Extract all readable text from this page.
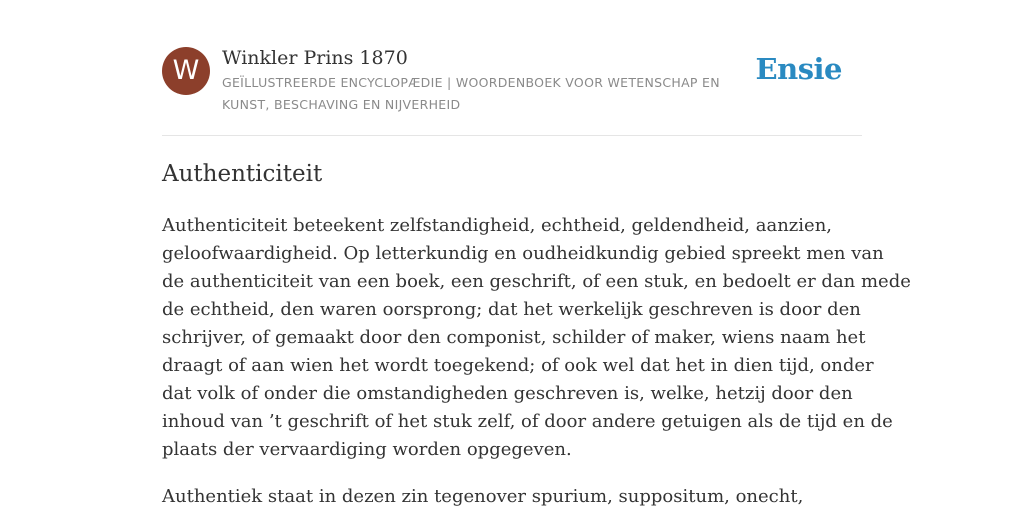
W	Winkler Prins 1870
GEÏLLUSTREERDE ENCYCLOPÆDIE | WOORDENBOEK VOOR WETENSCHAP EN KUNST, BESCHAVING EN NIJVERHEID
Ensie
Authenticiteit

Authenticiteit beteekent zelfstandigheid, echtheid, geldendheid, aanzien,
geloofwaardigheid. Op letterkundig en oudheidkundig gebied spreekt men van
de authenticiteit van een boek, een geschrift, of een stuk, en bedoelt er dan mede
de echtheid, den waren oorsprong; dat het werkelijk geschreven is door den
schrijver, of gemaakt door den componist, schilder of maker, wiens naam het
draagt of aan wien het wordt toegekend; of ook wel dat het in dien tijd, onder
dat volk of onder die omstandigheden geschreven is, welke, hetzij door den
inhoud van ’t geschrift of het stuk zelf, of door andere getuigen als de tijd en de
plaats der vervaardiging worden opgegeven.

Authentiek staat in dezen zin tegenover spurium, suppositum, onecht,
